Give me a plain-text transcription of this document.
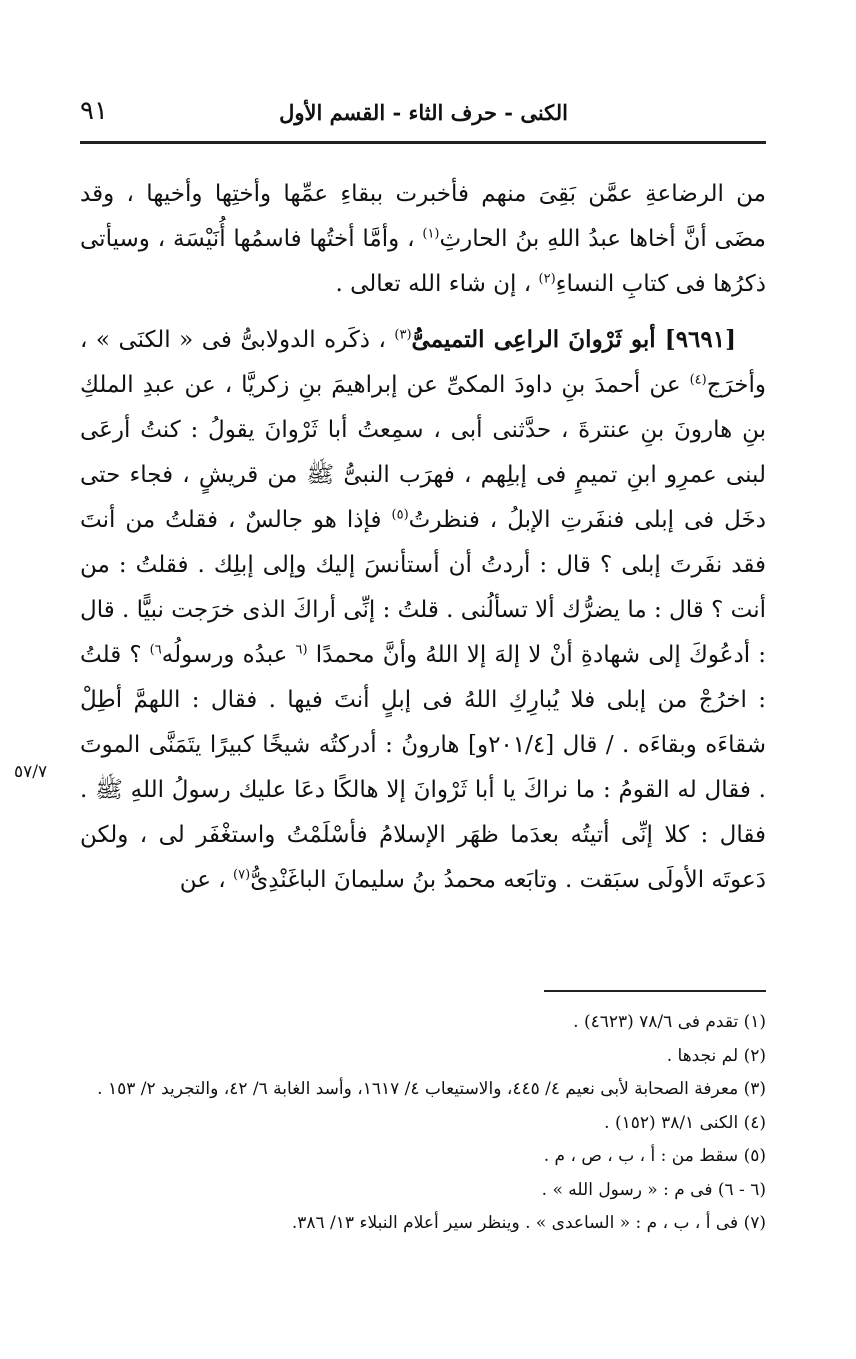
الكنى - حرف الثاء - القسم الأول
٩١

من الرضاعةِ عمَّن بَقِىَ منهم فأخبرت ببقاءِ عمِّها وأختِها وأخيها ، وقد مضَى أنَّ أخاها عبدُ اللهِ بنُ الحارثِ$^{(١)}$ ، وأمَّا أختُها فاسمُها أُنَيْسَة ، وسيأتى ذكرُها فى كتابِ النساءِ$^{(٢)}$ ، إن شاء الله تعالى .

[٩٦٩١] أبو ثَرْوانَ الراعِى التميمىُّ$^{(٣)}$ ، ذكَره الدولابىُّ فى « الكنَى » ، وأخرَج$^{(٤)}$ عن أحمدَ بنِ داودَ المكىِّ عن إبراهيمَ بنِ زكريَّا ، عن عبدِ الملكِ بنِ هارونَ بنِ عنترةَ ، حدَّثنى أبى ، سمِعتُ أبا ثَرْوانَ يقولُ : كنتُ أرعَى لبنى عمرِو ابنِ تميمٍ فى إبلِهم ، فهرَب النبىُّ ﷺ من قريشٍ ، فجاء حتى دخَل فى إبلى فنفَرتِ الإبلُ ، فنظرتُ$^{(٥)}$ فإذا هو جالسٌ ، فقلتُ من أنتَ فقد نفَرتَ إبلى ؟ قال : أردتُ أن أستأنسَ إليك وإلى إبلِك . فقلتُ : من أنت ؟ قال : ما يضرُّك ألا تسألُنى . قلتُ : إنِّى أراكَ الذى خرَجت نبيًّا . قال : أدعُوكَ إلى شهادةِ أنْ لا إلهَ إلا اللهُ وأنَّ محمدًا $^{(٦}$ عبدُه ورسولُه$^{٦)}$ ؟ قلتُ : اخرُجْ من إبلى فلا يُبارِكِ اللهُ فى إبلٍ أنتَ فيها . فقال : اللهمَّ أطِلْ شقاءَه وبقاءَه . / قال [٢٠١/٤و] هارونُ : أدركتُه شيخًا كبيرًا يتَمَنَّى الموتَ . فقال له القومُ : ما نراكَ يا أبا ثَرْوانَ إلا هالكًا دعَا عليك رسولُ اللهِ ﷺ . فقال : كلا إنِّى أتيتُه بعدَما ظهَر الإسلامُ فأسْلَمْتُ واستغْفَر لى ، ولكن دَعوتَه الأولَى سبَقت . وتابَعه محمدُ بنُ سليمانَ الباغَنْدِىُّ$^{(٧)}$ ، عن

٥٧/٧

(١) تقدم فى ٧٨/٦ (٤٦٢٣) .

(٢) لم نجدها .

(٣) معرفة الصحابة لأبى نعيم ٤/ ٤٤٥، والاستيعاب ٤/ ١٦١٧، وأسد الغابة ٦/ ٤٢، والتجريد ٢/ ١٥٣ .

(٤) الكنى ٣٨/١ (١٥٢) .

(٥) سقط من : أ ، ب ، ص ، م .

(٦ - ٦) فى م : « رسول الله » .

(٧) فى أ ، ب ، م : « الساعدى » . وينظر سير أعلام النبلاء ١٣/ ٣٨٦.
